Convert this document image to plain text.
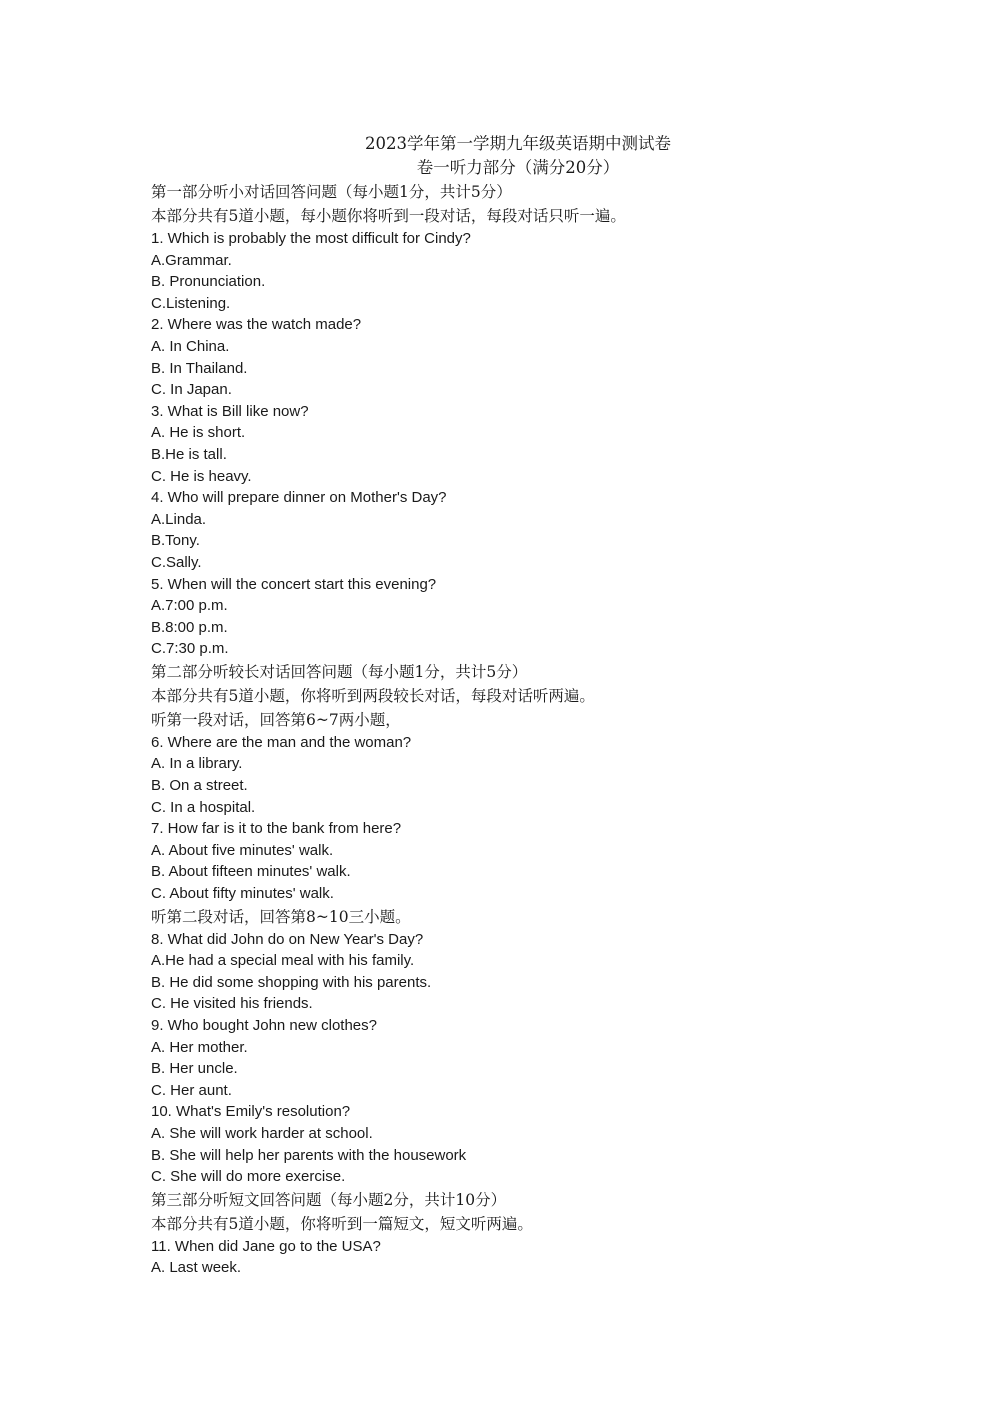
2023学年第一学期九年级英语期中测试卷
卷一听力部分（满分20分）
第一部分听小对话回答问题（每小题1分，共计5分）
本部分共有5道小题，每小题你将听到一段对话，每段对话只听一遍。
1. Which is probably the most difficult for Cindy?
A.Grammar.
B. Pronunciation.
C.Listening.
2. Where was the watch made?
A. In China.
B. In Thailand.
C. In Japan.
3. What is Bill like now?
A. He is short.
B.He is tall.
C. He is heavy.
4. Who will prepare dinner on Mother's Day?
A.Linda.
B.Tony.
C.Sally.
5. When will the concert start this evening?
A.7:00 p.m.
B.8:00 p.m.
C.7:30 p.m.
第二部分听较长对话回答问题（每小题1分，共计5分）
本部分共有5道小题，你将听到两段较长对话，每段对话听两遍。
听第一段对话，回答第6~7两小题，
6. Where are the man and the woman?
A. In a library.
B. On a street.
C. In a hospital.
7. How far is it to the bank from here?
A. About five minutes' walk.
B. About fifteen minutes' walk.
C. About fifty minutes' walk.
听第二段对话，回答第8~10三小题。
8. What did John do on New Year's Day?
A.He had a special meal with his family.
B. He did some shopping with his parents.
C. He visited his friends.
9. Who bought John new clothes?
A. Her mother.
B. Her uncle.
C. Her aunt.
10. What's Emily's resolution?
A. She will work harder at school.
B. She will help her parents with the housework
C. She will do more exercise.
第三部分听短文回答问题（每小题2分，共计10分）
本部分共有5道小题，你将听到一篇短文，短文听两遍。
11. When did Jane go to the USA?
A. Last week.
